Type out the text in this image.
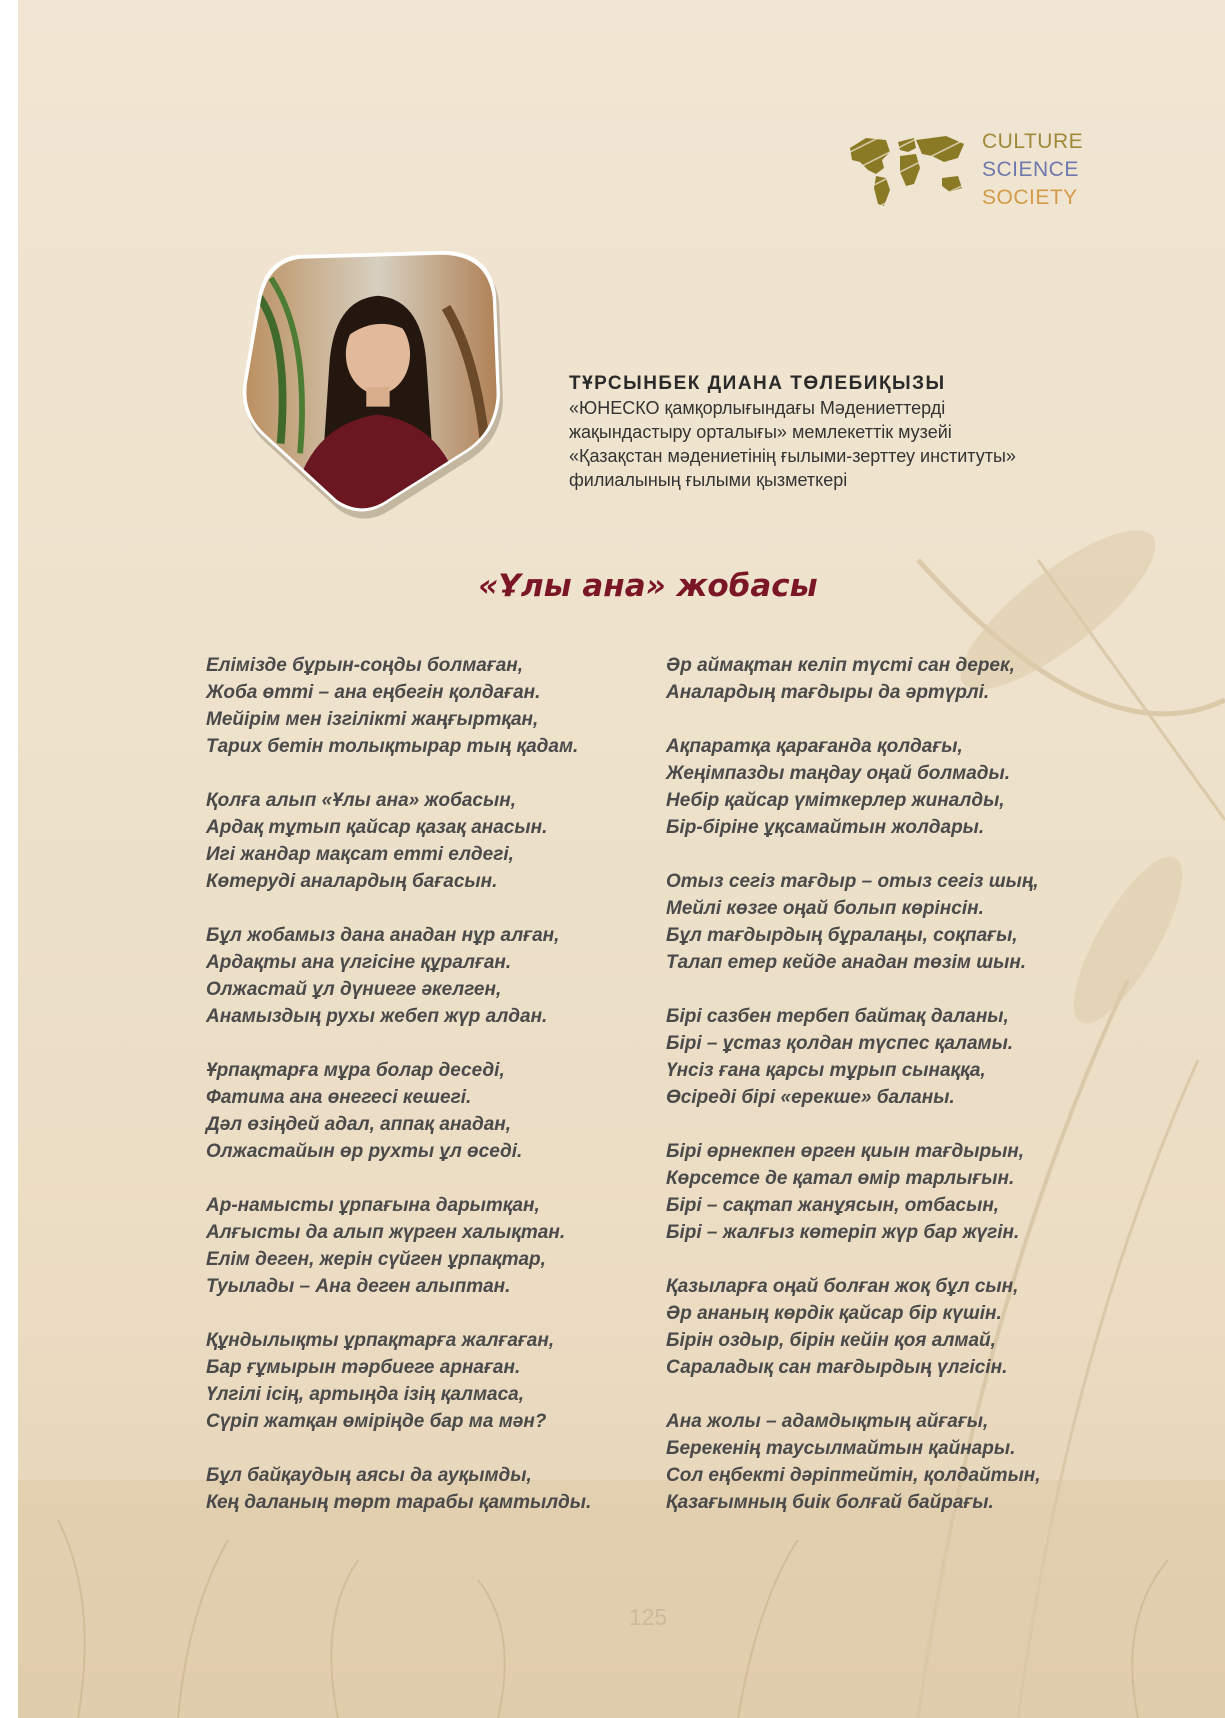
CULTURE
SCIENCE
SOCIETY
ТҰРСЫНБЕК ДИАНА ТӨЛЕБИҚЫЗЫ
«ЮНЕСКО қамқорлығындағы Мәдениеттерді
жақындастыру орталығы» мемлекеттік музейі
«Қазақстан мәдениетінің ғылыми-зерттеу институты»
филиалының ғылыми қызметкері
«Ұлы ана» жобасы
Елімізде бұрын-соңды болмаған,
Жоба өтті – ана еңбегін қолдаған.
Мейірім мен ізгілікті жаңғыртқан,
Тарих бетін толықтырар тың қадам.
Қолға алып «Ұлы ана» жобасын,
Ардақ тұтып қайсар қазақ анасын.
Игі жандар мақсат етті елдегі,
Көтеруді аналардың бағасын.
Бұл жобамыз дана анадан нұр алған,
Ардақты ана үлгісіне құралған.
Олжастай ұл дүниеге әкелген,
Анамыздың рухы жебеп жүр алдан.
Ұрпақтарға мұра болар деседі,
Фатима ана өнегесі кешегі.
Дәл өзіңдей адал, аппақ анадан,
Олжастайын өр рухты ұл өседі.
Ар-намысты ұрпағына дарытқан,
Алғысты да алып жүрген халықтан.
Елім деген, жерін сүйген ұрпақтар,
Туылады – Ана деген алыптан.
Құндылықты ұрпақтарға жалғаған,
Бар ғұмырын тәрбиеге арнаған.
Үлгілі ісің, артыңда ізің қалмаса,
Сүріп жатқан өміріңде бар ма мән?
Бұл байқаудың аясы да ауқымды,
Кең даланың төрт тарабы қамтылды.
Әр аймақтан келіп түсті сан дерек,
Аналардың тағдыры да әртүрлі.
Ақпаратқа қарағанда қолдағы,
Жеңімпазды таңдау оңай болмады.
Небір қайсар үміткерлер жиналды,
Бір-біріне ұқсамайтын жолдары.
Отыз сегіз тағдыр – отыз сегіз шың,
Мейлі көзге оңай болып көрінсін.
Бұл тағдырдың бұралаңы, соқпағы,
Талап етер кейде анадан төзім шын.
Бірі сазбен тербеп байтақ даланы,
Бірі – ұстаз қолдан түспес қаламы.
Үнсіз ғана қарсы тұрып сынаққа,
Өсіреді бірі «ерекше» баланы.
Бірі өрнекпен өрген қиын тағдырын,
Көрсетсе де қатал өмір тарлығын.
Бірі – сақтап жанұясын, отбасын,
Бірі – жалғыз көтеріп жүр бар жүгін.
Қазыларға оңай болған жоқ бұл сын,
Әр ананың көрдік қайсар бір күшін.
Бірін оздыр, бірін кейін қоя алмай,
Сараладық сан тағдырдың үлгісін.
Ана жолы – адамдықтың айғағы,
Берекенің таусылмайтын қайнары.
Сол еңбекті дәріптейтін, қолдайтын,
Қазағымның биік болғай байрағы.
125
